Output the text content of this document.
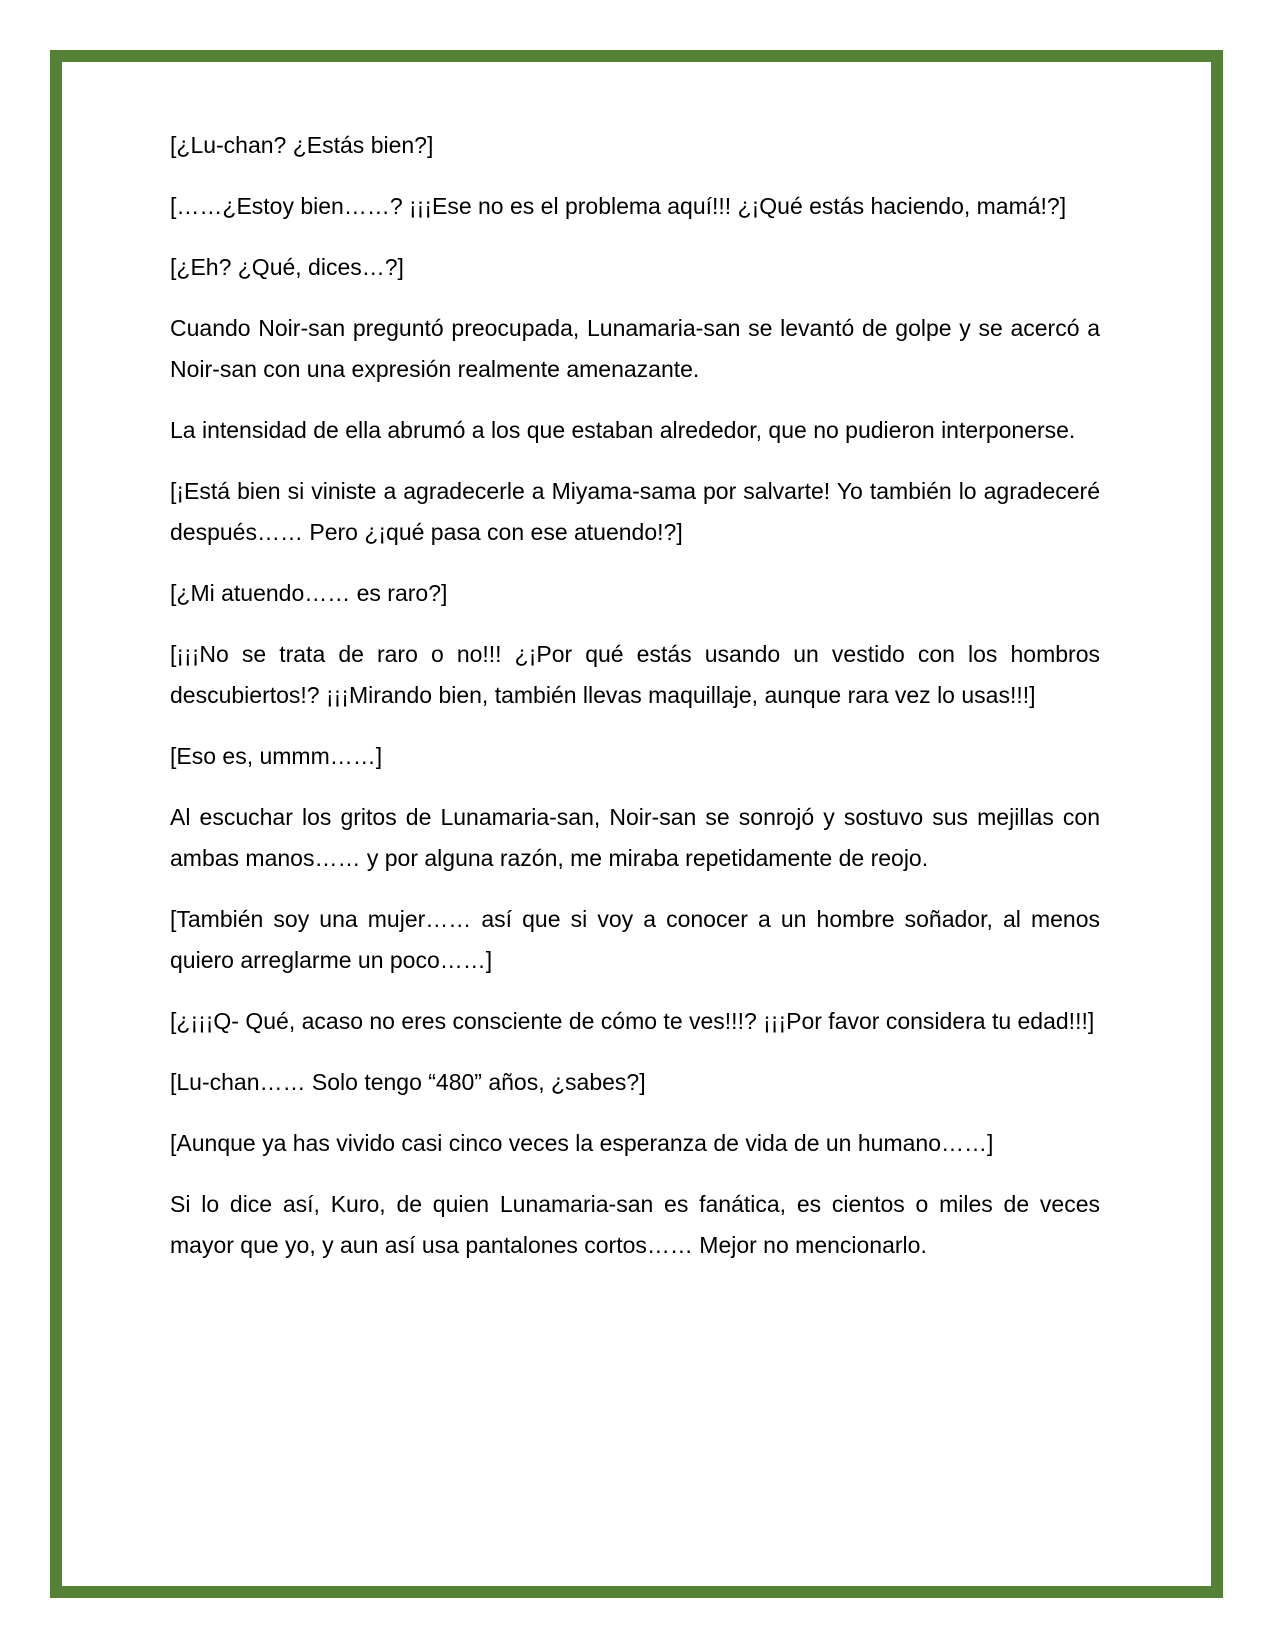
[¿Lu-chan? ¿Estás bien?]

[……¿Estoy bien……? ¡¡¡Ese no es el problema aquí!!! ¿¡Qué estás haciendo, mamá!?]

[¿Eh? ¿Qué, dices…?]

Cuando Noir-san preguntó preocupada, Lunamaria-san se levantó de golpe y se acercó a Noir-san con una expresión realmente amenazante.

La intensidad de ella abrumó a los que estaban alrededor, que no pudieron interponerse.

[¡Está bien si viniste a agradecerle a Miyama-sama por salvarte! Yo también lo agradeceré después…… Pero ¿¡qué pasa con ese atuendo!?]

[¿Mi atuendo…… es raro?]

[¡¡¡No se trata de raro o no!!! ¿¡Por qué estás usando un vestido con los hombros descubiertos!? ¡¡¡Mirando bien, también llevas maquillaje, aunque rara vez lo usas!!!]

[Eso es, ummm……]

Al escuchar los gritos de Lunamaria-san, Noir-san se sonrojó y sostuvo sus mejillas con ambas manos…… y por alguna razón, me miraba repetidamente de reojo.

[También soy una mujer…… así que si voy a conocer a un hombre soñador, al menos quiero arreglarme un poco……]

[¿¡¡¡Q- Qué, acaso no eres consciente de cómo te ves!!!? ¡¡¡Por favor considera tu edad!!!]

[Lu-chan…… Solo tengo “480” años, ¿sabes?]

[Aunque ya has vivido casi cinco veces la esperanza de vida de un humano……]

Si lo dice así, Kuro, de quien Lunamaria-san es fanática, es cientos o miles de veces mayor que yo, y aun así usa pantalones cortos…… Mejor no mencionarlo.
